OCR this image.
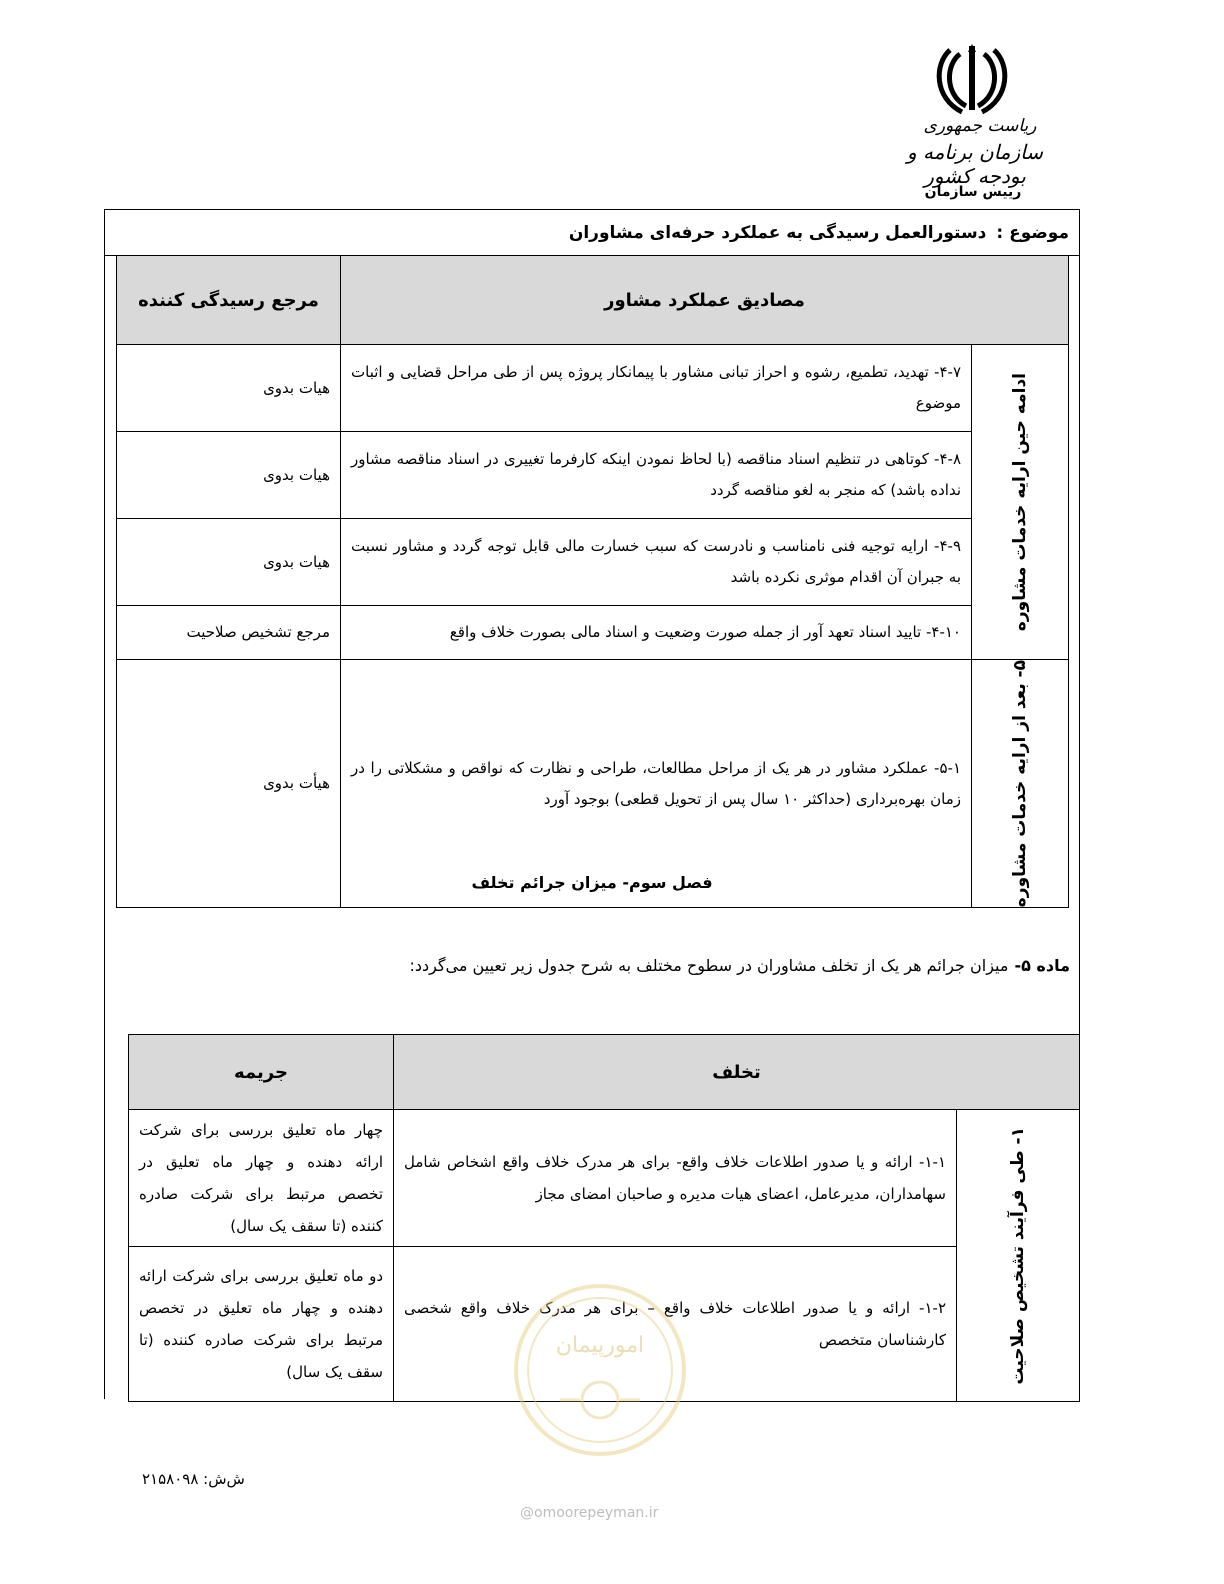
ریاست جمهوری
سازمان برنامه و بودجه کشور
رییس سازمان
موضوع :
دستورالعمل رسیدگی به عملکرد حرفه‌ای مشاوران
مصادیق عملکرد مشاور		مرجع رسیدگی کننده

ادامه حین ارایه خدمات مشاوره	۴-۷- تهدید، تطمیع، رشوه و احراز تبانی مشاور با پیمانکار پروژه پس از طی مراحل قضایی و اثبات موضوع	هیات بدوی
	۴-۸- کوتاهی در تنظیم اسناد مناقصه (با لحاظ نمودن اینکه کارفرما تغییری در اسناد مناقصه مشاور نداده باشد) که منجر به لغو مناقصه گردد	هیات بدوی
	۴-۹- ارایه توجیه فنی نامناسب و نادرست که سبب خسارت مالی قابل توجه گردد و مشاور نسبت به جبران آن اقدام موثری نکرده باشد	هیات بدوی
	۴-۱۰- تایید اسناد تعهد آور از جمله صورت وضعیت و اسناد مالی بصورت خلاف واقع	مرجع تشخیص صلاحیت

۵- بعد از ارایه خدمات مشاوره	۵-۱- عملکرد مشاور در هر یک از مراحل مطالعات، طراحی و نظارت که نواقص و مشکلاتی را در زمان بهره‌برداری (حداکثر ۱۰ سال پس از تحویل قطعی) بوجود آورد	هیأت بدوی
فصل سوم- میزان جرائم تخلف
ماده ۵-میزان جرائم هر یک از تخلف مشاوران در سطوح مختلف به شرح جدول زیر تعیین می‌گردد:
تخلف		جریمه

۱- طی فرآیند تشخیص صلاحیت	۱-۱- ارائه و یا صدور اطلاعات خلاف واقع- برای هر مدرک خلاف واقع اشخاص شامل سهامداران، مدیرعامل، اعضای هیات مدیره و صاحبان امضای مجاز	چهار ماه تعلیق بررسی برای شرکت ارائه دهنده و چهار ماه تعلیق در تخصص مرتبط برای شرکت صادره کننده (تا سقف یک سال)
	۱-۲- ارائه و یا صدور اطلاعات خلاف واقع – برای هر مدرک خلاف واقع شخصی کارشناسان متخصص	دو ماه تعلیق بررسی برای شرکت ارائه دهنده و چهار ماه تعلیق در تخصص مرتبط برای شرکت صادره کننده (تا سقف یک سال)
امورپیمان
@omoorepeyman.ir
ش‌ش: ۲۱۵۸۰۹۸
